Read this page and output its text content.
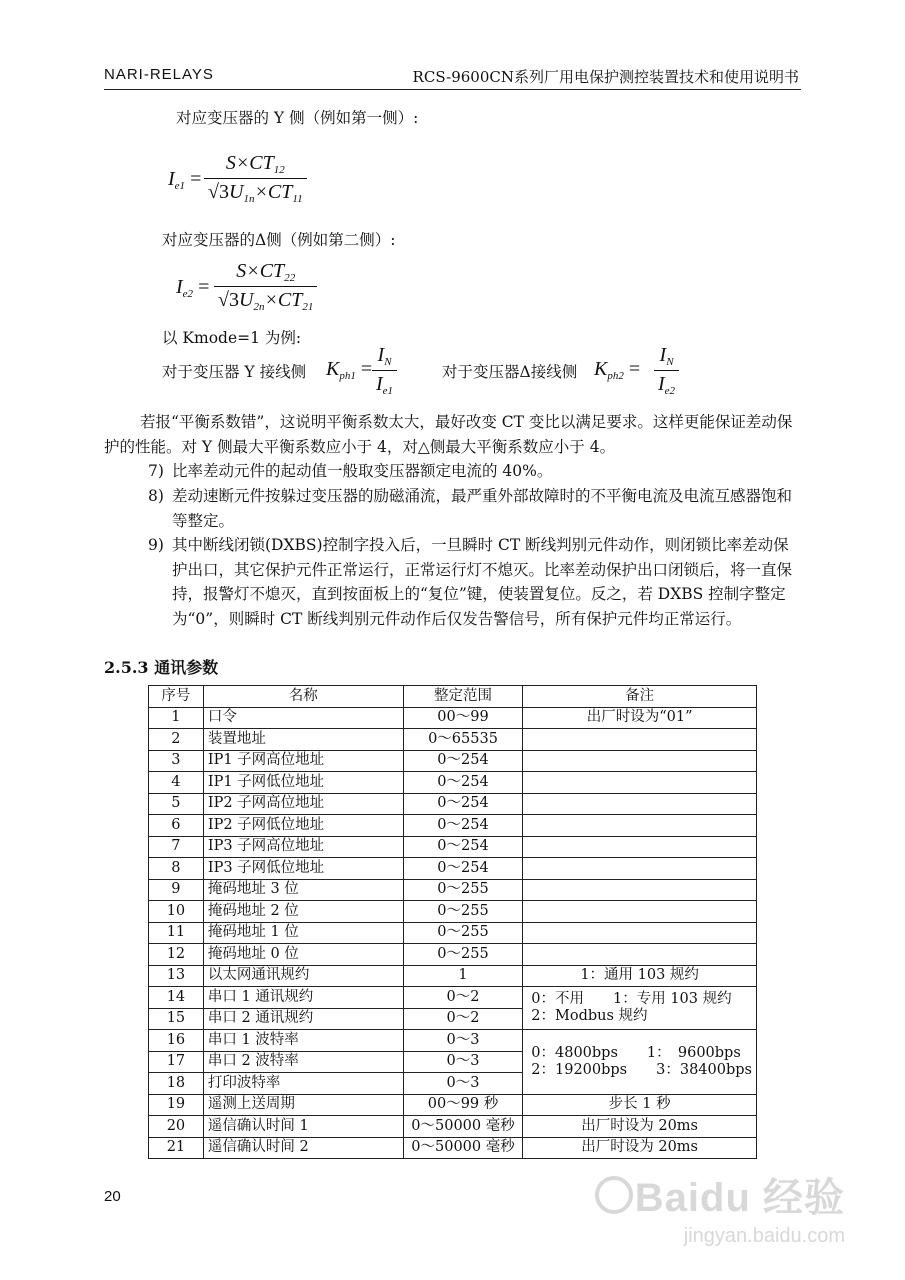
NARI-RELAYS	RCS-9600CN系列厂用电保护测控装置技术和使用说明书
对应变压器的 Y 侧（例如第一侧）:
$I_{e1} = \frac{S\times CT_{12}}{√3U_{1n}\times CT_{11}}$
对应变压器的Δ侧（例如第二侧）:
$I_{e2} = \frac{S\times CT_{22}}{√3U_{2n}\times CT_{21}}$
以 Kmode=1 为例:
对于变压器 Y 接线侧 $K_{ph1} = \frac{I_N}{I_{e1}}$	对于变压器Δ接线侧 $K_{ph2} = \frac{I_N}{I_{e2}}$
若报“平衡系数错”，这说明平衡系数太大，最好改变 CT 变比以满足要求。这样更能保证差动保护的性能。对 Y 侧最大平衡系数应小于 4，对△侧最大平衡系数应小于 4。
7) 比率差动元件的起动值一般取变压器额定电流的 40%。
8) 差动速断元件按躲过变压器的励磁涌流，最严重外部故障时的不平衡电流及电流互感器饱和等整定。
9) 其中断线闭锁(DXBS)控制字投入后，一旦瞬时 CT 断线判别元件动作，则闭锁比率差动保护出口，其它保护元件正常运行，正常运行灯不熄灭。比率差动保护出口闭锁后，将一直保持，报警灯不熄灭，直到按面板上的“复位”键，使装置复位。反之，若 DXBS 控制字整定为“0”，则瞬时 CT 断线判别元件动作后仅发告警信号，所有保护元件均正常运行。
2.5.3 通讯参数
序号	名称	整定范围	备注
1	口令	00～99	出厂时设为“01”
2	装置地址	0～65535	
3	IP1 子网高位地址	0～254	
4	IP1 子网低位地址	0～254	
5	IP2 子网高位地址	0～254	
6	IP2 子网低位地址	0～254	
7	IP3 子网高位地址	0～254	
8	IP3 子网低位地址	0～254	
9	掩码地址 3 位	0～255	
10	掩码地址 2 位	0～255	
11	掩码地址 1 位	0～255	
12	掩码地址 0 位	0～255	
13	以太网通讯规约	1	1：通用 103 规约
14	串口 1 通讯规约	0～2	0：不用　　1：专用 103 规约
2：Modbus 规约

15	串口 2 通讯规约	0～2	
16	串口 1 波特率	0～3	0：4800bps　　1：　9600bps
2：19200bps　　3：38400bps

17	串口 2 波特率	0～3	
18	打印波特率	0～3	
19	遥测上送周期	00～99 秒	步长 1 秒
20	遥信确认时间 1	0～50000 毫秒	出厂时设为 20ms
21	遥信确认时间 2	0～50000 毫秒	出厂时设为 20ms
20	Baidu 经验
jingyan.baidu.com
